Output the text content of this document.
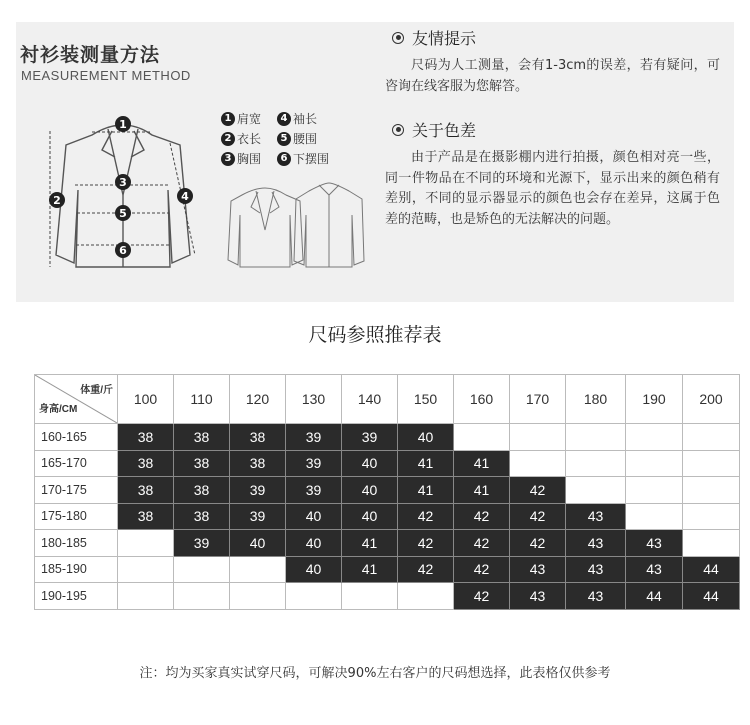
衬衫装测量方法
MEASUREMENT METHOD
1
2
3
4
5
6
1 肩宽	4 袖长
2 衣长	5 腰围
3 胸围	6 下摆围
友情提示

尺码为人工测量，会有1-3cm的误差，若有疑问，可咨询在线客服为您解答。

关于色差

由于产品是在摄影棚内进行拍摄，颜色相对亮一些，同一件物品在不同的环境和光源下，显示出来的颜色稍有差别，不同的显示器显示的颜色也会存在差异，这属于色差的范畴，也是矫色的无法解决的问题。

尺码参照推荐表
体重/斤
身高/CM	100	110	120	130	140	150	160	170	180	190	200
160-165	38	38	38	39	39	40					
165-170	38	38	38	39	40	41	41				
170-175	38	38	39	39	40	41	41	42			
175-180	38	38	39	40	40	42	42	42	43		
180-185		39	40	40	41	42	42	42	43	43	
185-190				40	41	42	42	43	43	43	44
190-195							42	43	43	44	44
注：均为买家真实试穿尺码，可解决90%左右客户的尺码想选择，此表格仅供参考
